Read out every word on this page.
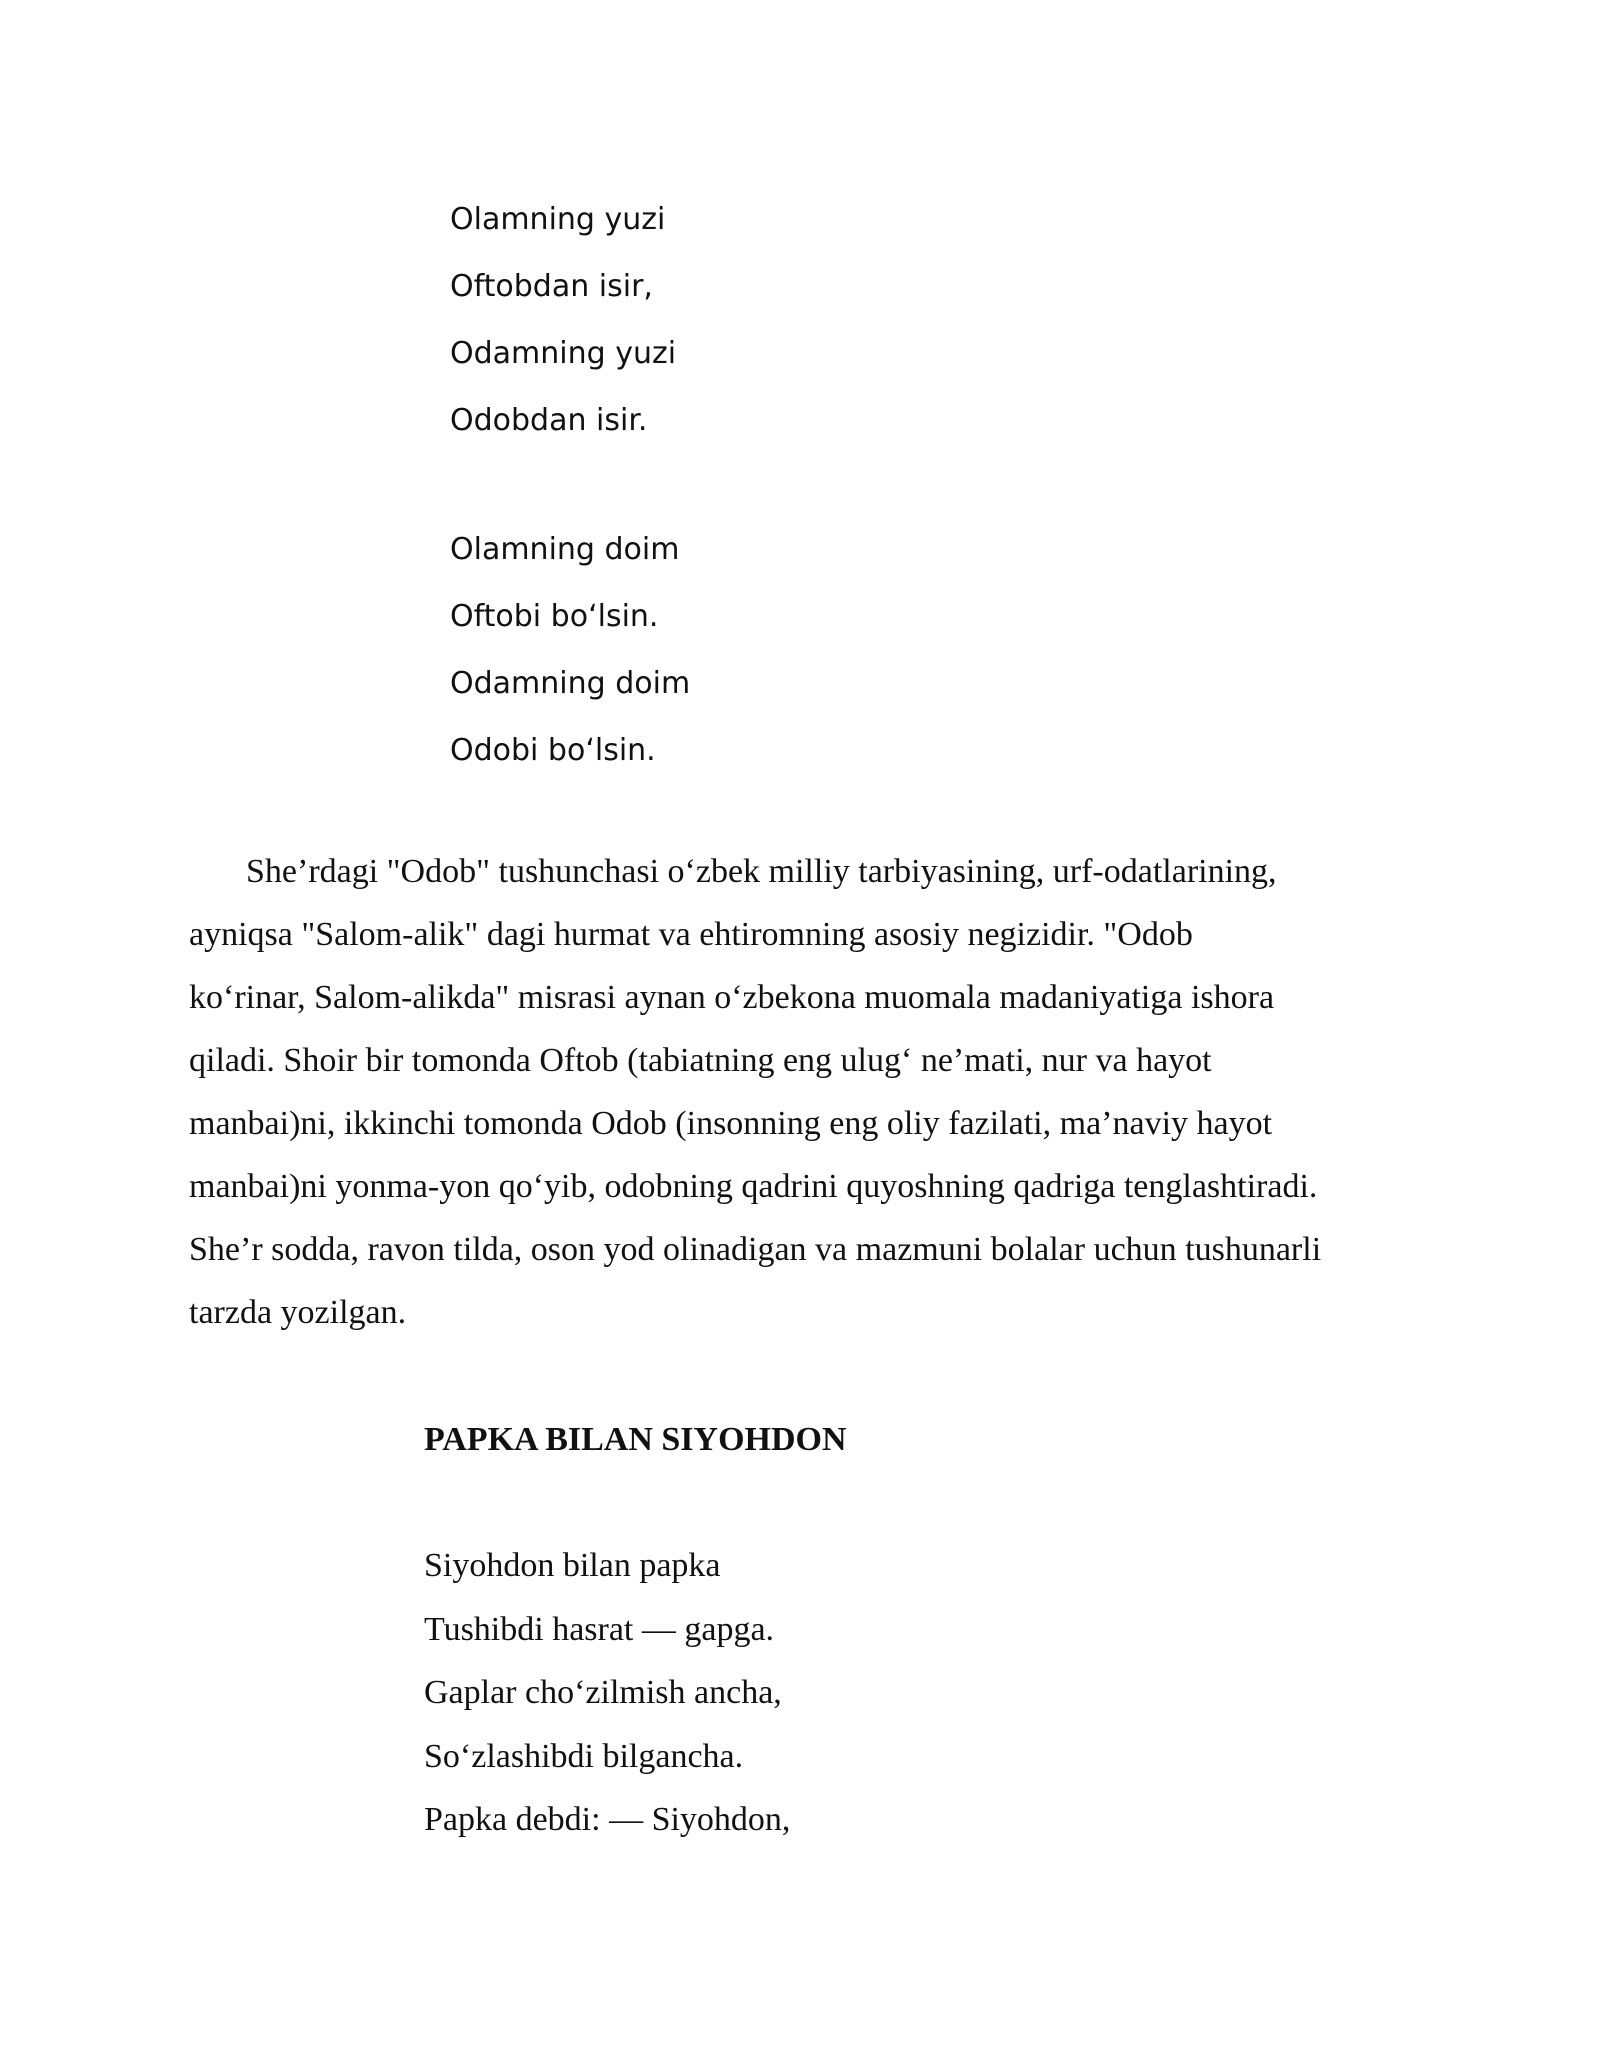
Olamning yuzi
Oftobdan isir,
Odamning yuzi
Odobdan isir.
Olamning doim
Oftobi bo‘lsin.
Odamning doim
Odobi bo‘lsin.
She’rdagi "Odob" tushunchasi o‘zbek milliy tarbiyasining, urf-odatlarining,
ayniqsa "Salom-alik" dagi hurmat va ehtiromning asosiy negizidir. "Odob
ko‘rinar, Salom-alikda" misrasi aynan o‘zbekona muomala madaniyatiga ishora
qiladi. Shoir bir tomonda Oftob (tabiatning eng ulug‘ ne’mati, nur va hayot
manbai)ni, ikkinchi tomonda Odob (insonning eng oliy fazilati, ma’naviy hayot
manbai)ni yonma-yon qo‘yib, odobning qadrini quyoshning qadriga tenglashtiradi.
She’r sodda, ravon tilda, oson yod olinadigan va mazmuni bolalar uchun tushunarli
tarzda yozilgan.
PAPKA BILAN SIYOHDON
Siyohdon bilan papka
Tushibdi hasrat — gapga.
Gaplar cho‘zilmish ancha,
So‘zlashibdi bilgancha.
Papka debdi: — Siyohdon,
